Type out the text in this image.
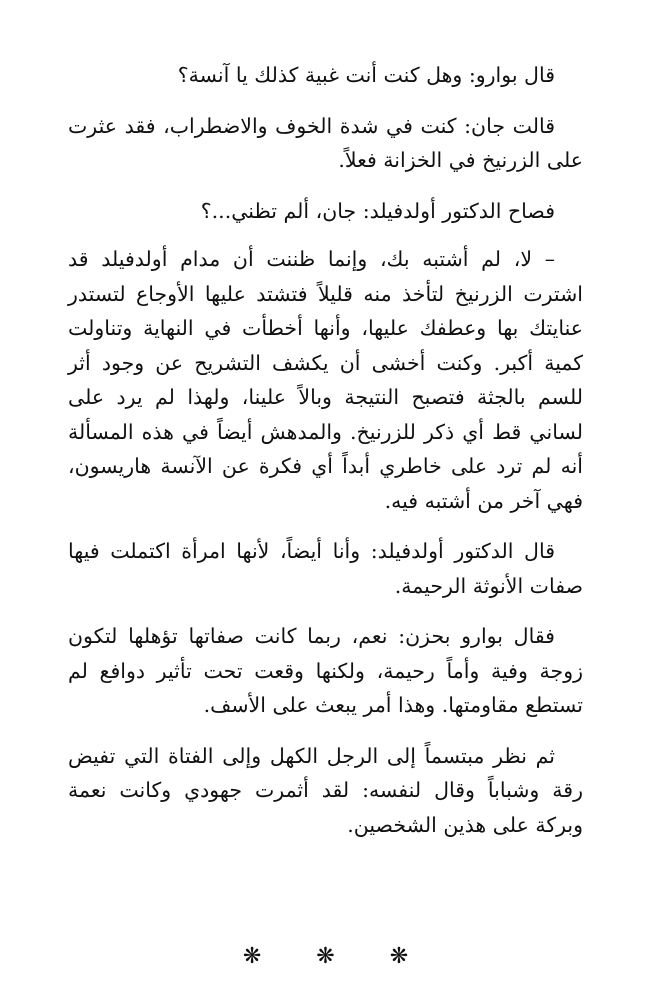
قال بوارو: وهل كنت أنت غبية كذلك يا آنسة؟

قالت جان: كنت في شدة الخوف والاضطراب، فقد عثرت على الزرنيخ في الخزانة فعلاً.

فصاح الدكتور أولدفيلد: جان، ألم تظني...؟

– لا، لم أشتبه بك، وإنما ظننت أن مدام أولدفيلد قد اشترت الزرنيخ لتأخذ منه قليلاً فتشتد عليها الأوجاع لتستدر عنايتك بها وعطفك عليها، وأنها أخطأت في النهاية وتناولت كمية أكبر. وكنت أخشى أن يكشف التشريح عن وجود أثر للسم بالجثة فتصبح النتيجة وبالاً علينا، ولهذا لم يرد على لساني قط أي ذكر للزرنيخ. والمدهش أيضاً في هذه المسألة أنه لم ترد على خاطري أبداً أي فكرة عن الآنسة هاريسون، فهي آخر من أشتبه فيه.

قال الدكتور أولدفيلد: وأنا أيضاً، لأنها امرأة اكتملت فيها صفات الأنوثة الرحيمة.

فقال بوارو بحزن: نعم، ربما كانت صفاتها تؤهلها لتكون زوجة وفية وأماً رحيمة، ولكنها وقعت تحت تأثير دوافع لم تستطع مقاومتها. وهذا أمر يبعث على الأسف.

ثم نظر مبتسماً إلى الرجل الكهل وإلى الفتاة التي تفيض رقة وشباباً وقال لنفسه: لقد أثمرت جهودي وكانت نعمة وبركة على هذين الشخصين.

❋ ❋ ❋
